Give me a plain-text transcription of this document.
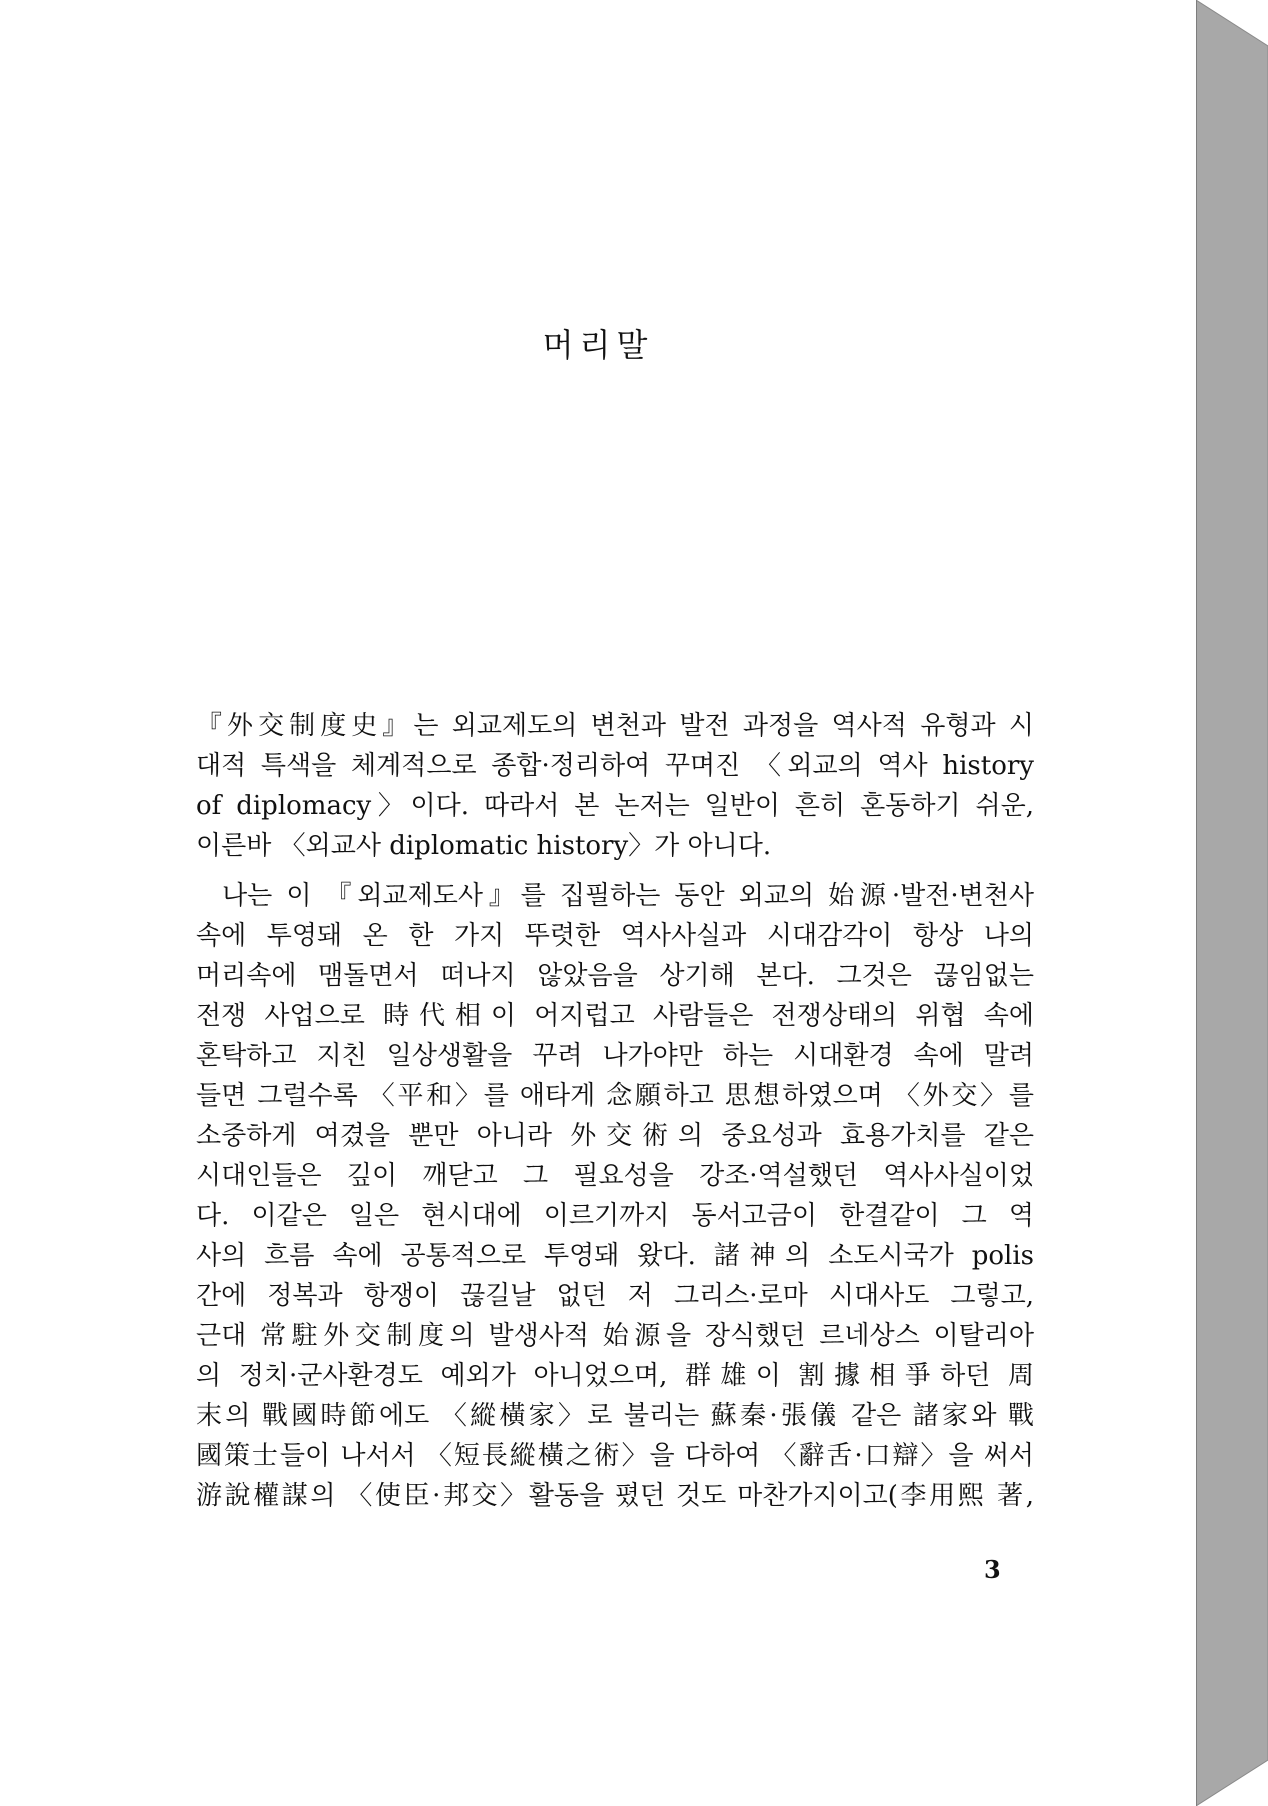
머리말
『外交制度史』는 외교제도의 변천과 발전 과정을 역사적 유형과 시
대적 특색을 체계적으로 종합·정리하여 꾸며진 〈외교의 역사 history
of diplomacy〉이다. 따라서 본 논저는 일반이 흔히 혼동하기 쉬운,
이른바 〈외교사 diplomatic history〉가 아니다.
나는 이 『외교제도사』를 집필하는 동안 외교의 始源·발전·변천사
속에 투영돼 온 한 가지 뚜렷한 역사사실과 시대감각이 항상 나의
머리속에 맴돌면서 떠나지 않았음을 상기해 본다. 그것은 끊임없는
전쟁 사업으로 時代相이 어지럽고 사람들은 전쟁상태의 위협 속에
혼탁하고 지친 일상생활을 꾸려 나가야만 하는 시대환경 속에 말려
들면 그럴수록 〈平和〉를 애타게 念願하고 思想하였으며 〈外交〉를
소중하게 여겼을 뿐만 아니라 外交術의 중요성과 효용가치를 같은
시대인들은 깊이 깨닫고 그 필요성을 강조·역설했던 역사사실이었
다. 이같은 일은 현시대에 이르기까지 동서고금이 한결같이 그 역
사의 흐름 속에 공통적으로 투영돼 왔다. 諸神의 소도시국가 polis
간에 정복과 항쟁이 끊길날 없던 저 그리스·로마 시대사도 그렇고,
근대 常駐外交制度의 발생사적 始源을 장식했던 르네상스 이탈리아
의 정치·군사환경도 예외가 아니었으며, 群雄이 割據相爭하던 周
末의 戰國時節에도 〈縱橫家〉로 불리는 蘇秦·張儀 같은 諸家와 戰
國策士들이 나서서 〈短長縱橫之術〉을 다하여 〈辭舌·口辯〉을 써서
游說權謀의 〈使臣·邦交〉활동을 폈던 것도 마찬가지이고(李用熙 著,
3
